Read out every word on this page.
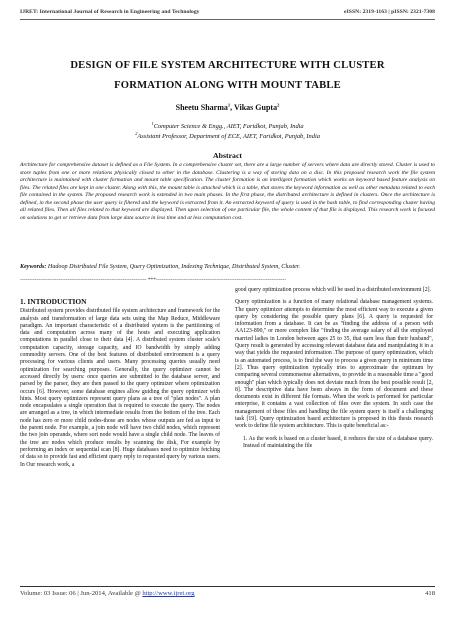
IJRET: International Journal of Research in Engineering and Technology	eISSN: 2319-1163 | pISSN: 2321-7308
DESIGN OF FILE SYSTEM ARCHITECTURE WITH CLUSTER FORMATION ALONG WITH MOUNT TABLE
Sheetu Sharma$^1$, Vikas Gupta$^2$
$^1$Computer Science & Engg., AIET, Faridkot, Punjab, India
$^2$Assistant Professor, Department of ECE, AIET, Faridkot, Punjab, India
Abstract
Architecture for comprehensive dataset is defined as a File System. In a comprehensive cluster set, there are a large number of servers where data are directly stored. Cluster is used to store tuples from one or more relations physically closed to other in the database. Clustering is a way of storing data on a disc. In this proposed research work the file system architecture is maintained with cluster formation and mount table specification. The cluster formation is an intelligent formation which works on keyword based feature analysis on files. The related files are kept in one cluster. Along with this, the mount table is attached which is a table, that stores the keyword information as well as other metadata related to each file contained in the system. The proposed research work is extended in two main phases. In the first phase, the distributed architecture is defined in clusters. Once the architecture is defined, in the second phase the user query is filtered and the keyword is extracted from it. An extracted keyword of query is used in the hash table, to find corresponding cluster having all related files. Then all files related to that keyword are displayed. Then upon selection of one particular file, the whole content of that file is displayed. This research work is focused on solutions to get or retrieve data from large data source in less time and at less computation cost.
Keywords: Hadoop Distributed File System, Query Optimization, Indexing Technique, Distributed System, Cluster.
--------------------------------------------------------------------- ***-----------------------------------------------------------------------
1. INTRODUCTION

Distributed system provides distributed file system architecture and framework for the analysis and transformation of large data sets using the Map Reduce, Middleware paradigm. An important characteristic of a distributed system is the partitioning of data and computation across many of the hosts and executing application computations in parallel close to their data [4]. A distributed system cluster scale's computation capacity, storage capacity, and IO bandwidth by simply adding commodity servers. One of the best features of distributed environment is a query processing for various clients and users. Many processing queries usually need optimization for searching purposes. Generally, the query optimizer cannot be accessed directly by users: once queries are submitted to the database server, and parsed by the parser, they are then passed to the query optimizer where optimization occurs [6]. However, some database engines allow guiding the query optimizer with hints. Most query optimizers represent query plans as a tree of "plan nodes". A plan node encapsulates a single operation that is required to execute the query. The nodes are arranged as a tree, in which intermediate results from the bottom of the tree. Each node has zero or more child nodes-those are nodes whose outputs are fed as input to the parent node. For example, a join node will have two child nodes, which represent the two join operands, where sort node would have a single child node. The leaves of the tree are nodes which produce results by scanning the disk, For example by performing an index or sequential scan [8]. Huge databases need to optimize fetching of data so to provide fast and efficient query reply to requested query by various users. In Our research work, a

good query optimization process which will be used in a distributed environment [2].

Query optimization is a function of many relational database management systems. The query optimizer attempts to determine the most efficient way to execute a given query by considering the possible query plans [6]. A query is requested for information from a database. It can be as "finding the address of a person with AA123-890," or more complex like "finding the average salary of all the employed married ladies in London between ages 25 to 35, that earn less than their husband", Query result is generated by accessing relevant database data and manipulating it in a way that yields the requested information .The purpose of query optimization, which is an automated process, is to find the way to process a given query in minimum time [2]. Thus query optimization typically tries to approximate the optimum by comparing several commonsense alternatives, to provide in a reasonable time a "good enough" plan which typically does not deviate much from the best possible result [2, 8]. The descriptive data have been always in the form of document and these documents exist in different file formats. When the work is performed for particular enterprise, it contains a vast collection of files over the system. In such case the management of these files and handling the file system query is itself a challenging task [19]. Query optimization based architecture is proposed in this thesis research work to define file system architecture. This is quite beneficial as:-

1. As the work is based on a cluster based, it reduces the size of a database query. Instead of maintaining the file

Volume: 03 Issue: 06 | Jun-2014, Available @ http://www.ijret.org	418
